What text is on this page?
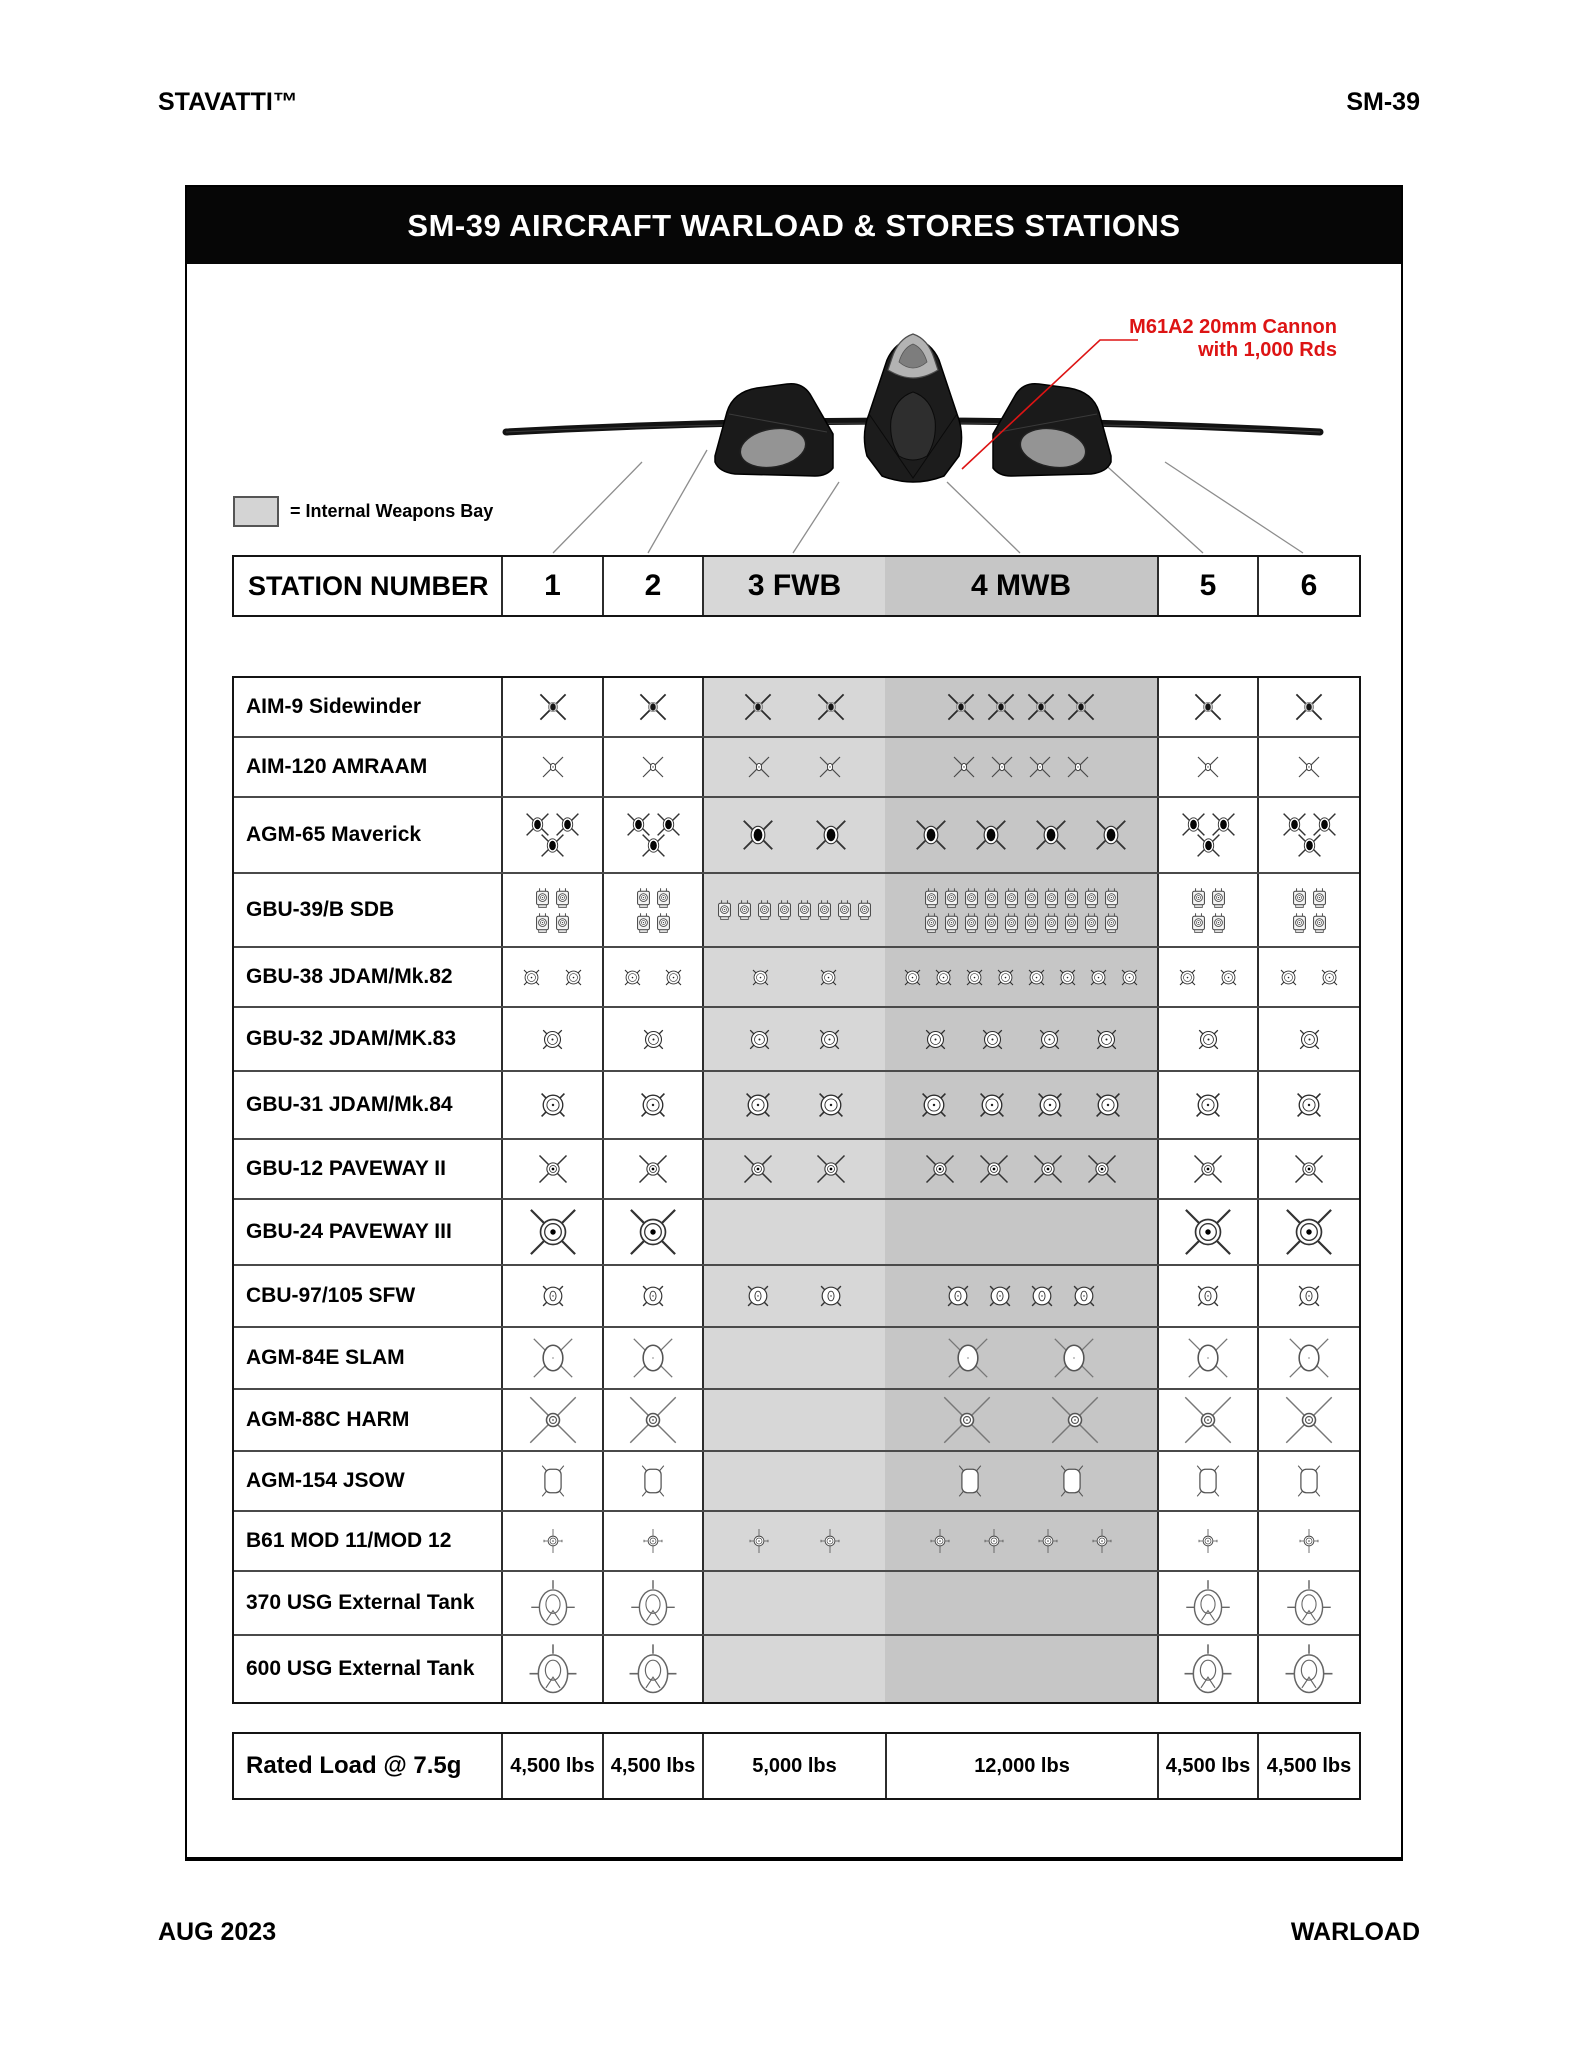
STAVATTI™	SM-39
SM-39 AIRCRAFT WARLOAD & STORES STATIONS
M61A2 20mm Cannon
with 1,000 Rds
= Internal Weapons Bay
STATION NUMBER	1	2	3 FWB	4 MWB	5	6
AIM-9 Sidewinder
AIM-120 AMRAAM
AGM-65 Maverick
GBU-39/B SDB
GBU-38 JDAM/Mk.82
GBU-32 JDAM/MK.83
GBU-31 JDAM/Mk.84
GBU-12 PAVEWAY II
GBU-24 PAVEWAY III
CBU-97/105 SFW
AGM-84E SLAM
AGM-88C HARM
AGM-154 JSOW
B61 MOD 11/MOD 12
370 USG External Tank
600 USG External Tank
Rated Load @ 7.5g	4,500 lbs 4,500 lbs	5,000 lbs	12,000 lbs	4,500 lbs 4,500 lbs
AUG 2023	WARLOAD
